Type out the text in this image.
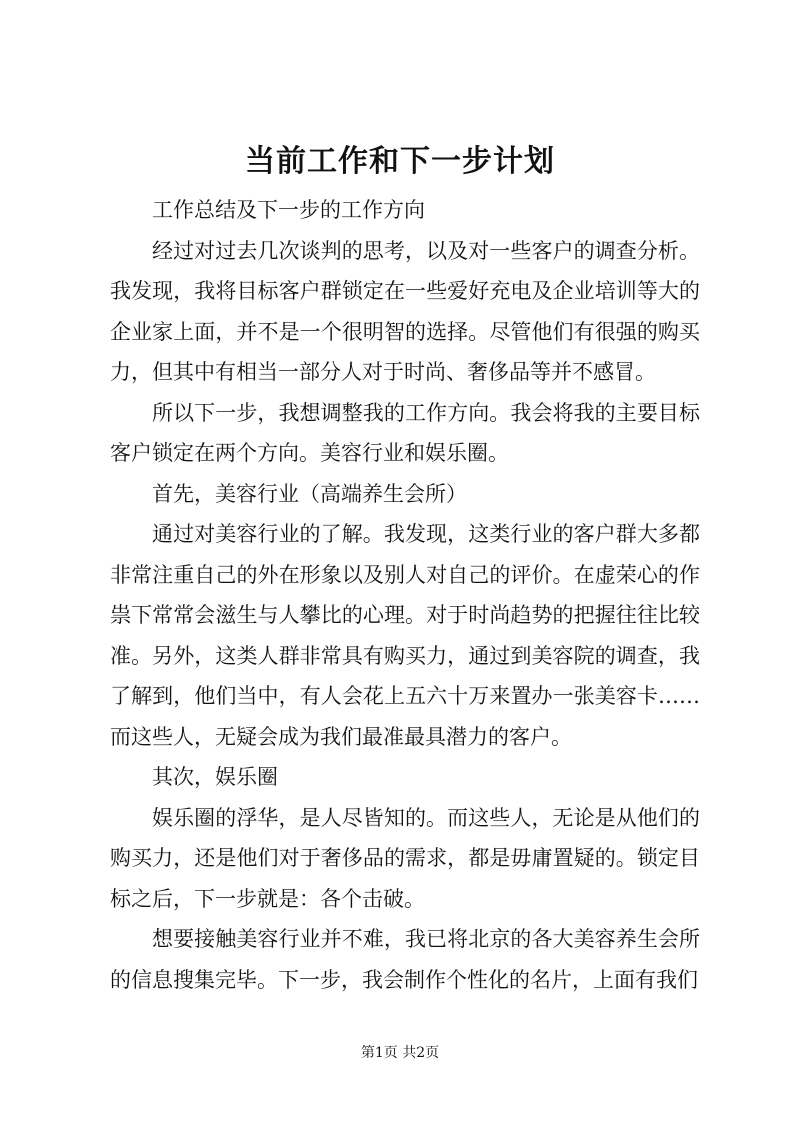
当前工作和下一步计划

工作总结及下一步的工作方向

经过对过去几次谈判的思考，以及对一些客户的调查分析。我发现，我将目标客户群锁定在一些爱好充电及企业培训等大的企业家上面，并不是一个很明智的选择。尽管他们有很强的购买力，但其中有相当一部分人对于时尚、奢侈品等并不感冒。

所以下一步，我想调整我的工作方向。我会将我的主要目标客户锁定在两个方向。美容行业和娱乐圈。

首先，美容行业（高端养生会所）

通过对美容行业的了解。我发现，这类行业的客户群大多都非常注重自己的外在形象以及别人对自己的评价。在虚荣心的作祟下常常会滋生与人攀比的心理。对于时尚趋势的把握往往比较准。另外，这类人群非常具有购买力，通过到美容院的调查，我了解到，他们当中，有人会花上五六十万来置办一张美容卡……而这些人，无疑会成为我们最准最具潜力的客户。

其次，娱乐圈

娱乐圈的浮华，是人尽皆知的。而这些人，无论是从他们的购买力，还是他们对于奢侈品的需求，都是毋庸置疑的。锁定目标之后，下一步就是：各个击破。

想要接触美容行业并不难，我已将北京的各大美容养生会所的信息搜集完毕。下一步，我会制作个性化的名片，上面有我们

第1页 共2页
